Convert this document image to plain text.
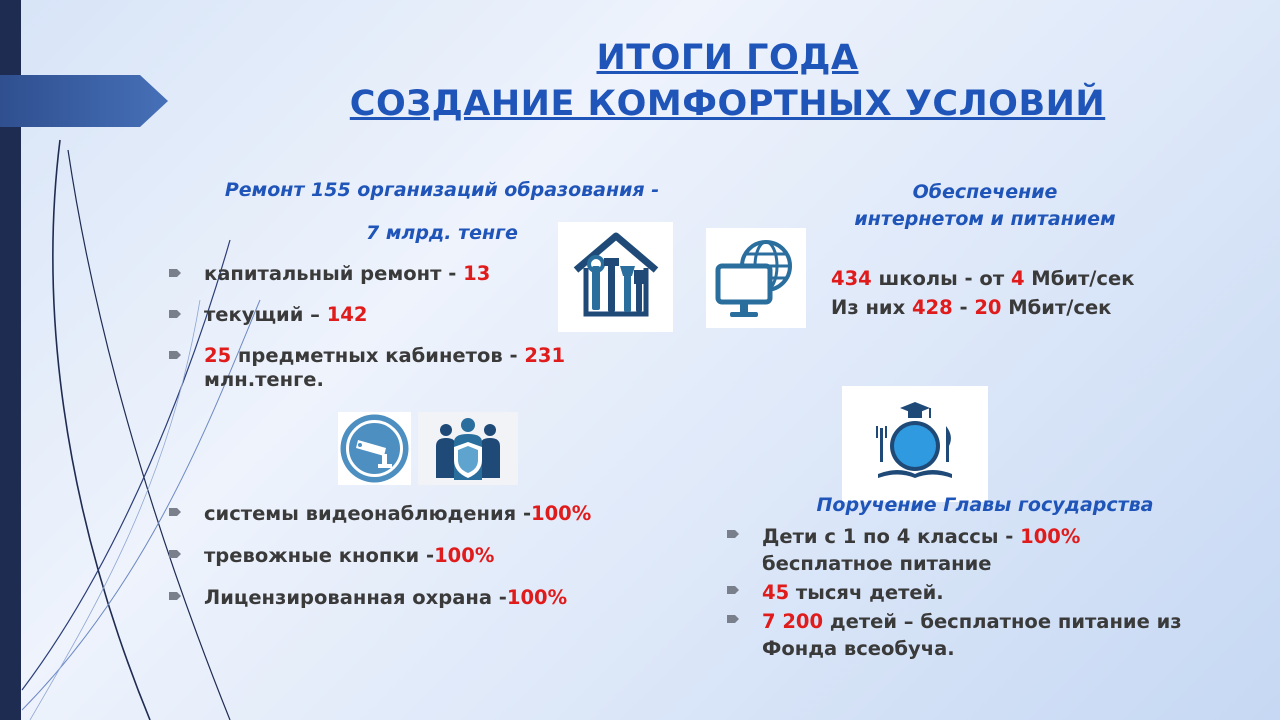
ИТОГИ ГОДА
СОЗДАНИЕ КОМФОРТНЫХ УСЛОВИЙ

Ремонт 155 организаций образования -

7 млрд. тенге

капитальный ремонт - 13
текущий – 142
25 предметных кабинетов - 231
млн.тенге.

Обеспечение
интернетом и питанием

434 школы - от 4 Мбит/сек
Из них 428 - 20 Мбит/сек
системы видеонаблюдения -100%
тревожные кнопки -100%
Лицензированная охрана -100%

Поручение Главы государства

Дети с 1 по 4 классы - 100%
бесплатное питание
45 тысяч детей.
7 200 детей – бесплатное питание из Фонда всеобуча.
